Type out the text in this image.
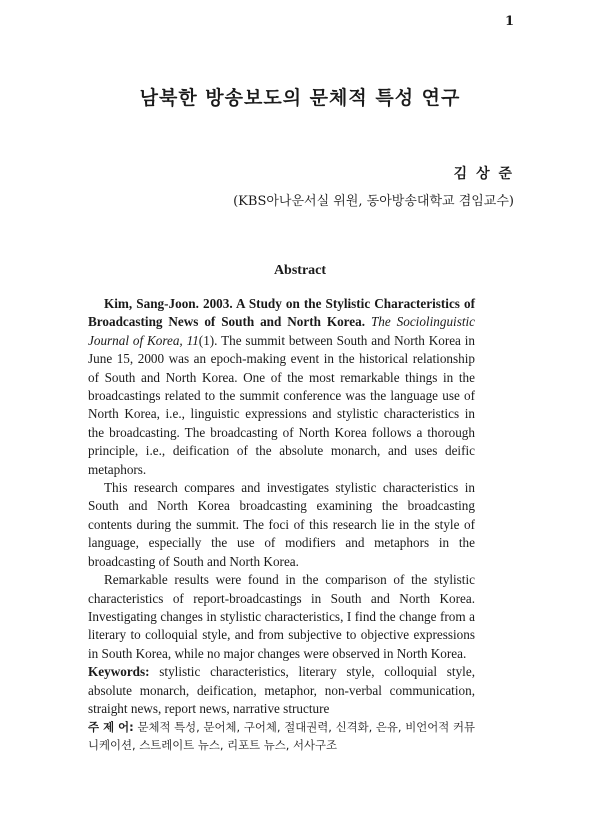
1
남북한 방송보도의 문체적 특성 연구
김 상 준
(KBS아나운서실 위원, 동아방송대학교 겸임교수)
Abstract

Kim, Sang-Joon. 2003. A Study on the Stylistic Characteristics of Broadcasting News of South and North Korea. The Sociolinguistic Journal of Korea, 11(1). The summit between South and North Korea in June 15, 2000 was an epoch-making event in the historical relationship of South and North Korea. One of the most remarkable things in the broadcastings related to the summit conference was the language use of North Korea, i.e., linguistic expressions and stylistic characteristics in the broadcasting. The broadcasting of North Korea follows a thorough principle, i.e., deification of the absolute monarch, and uses deific metaphors.

This research compares and investigates stylistic characteristics in South and North Korea broadcasting examining the broadcasting contents during the summit. The foci of this research lie in the style of language, especially the use of modifiers and metaphors in the broadcasting of South and North Korea.

Remarkable results were found in the comparison of the stylistic characteristics of report-broadcastings in South and North Korea. Investigating changes in stylistic characteristics, I find the change from a literary to colloquial style, and from subjective to objective expressions in South Korea, while no major changes were observed in North Korea.

Keywords: stylistic characteristics, literary style, colloquial style, absolute monarch, deification, metaphor, non-verbal communication, straight news, report news, narrative structure

주 제 어: 문체적 특성, 문어체, 구어체, 절대권력, 신격화, 은유, 비언어적 커뮤니케이션, 스트레이트 뉴스, 리포트 뉴스, 서사구조
